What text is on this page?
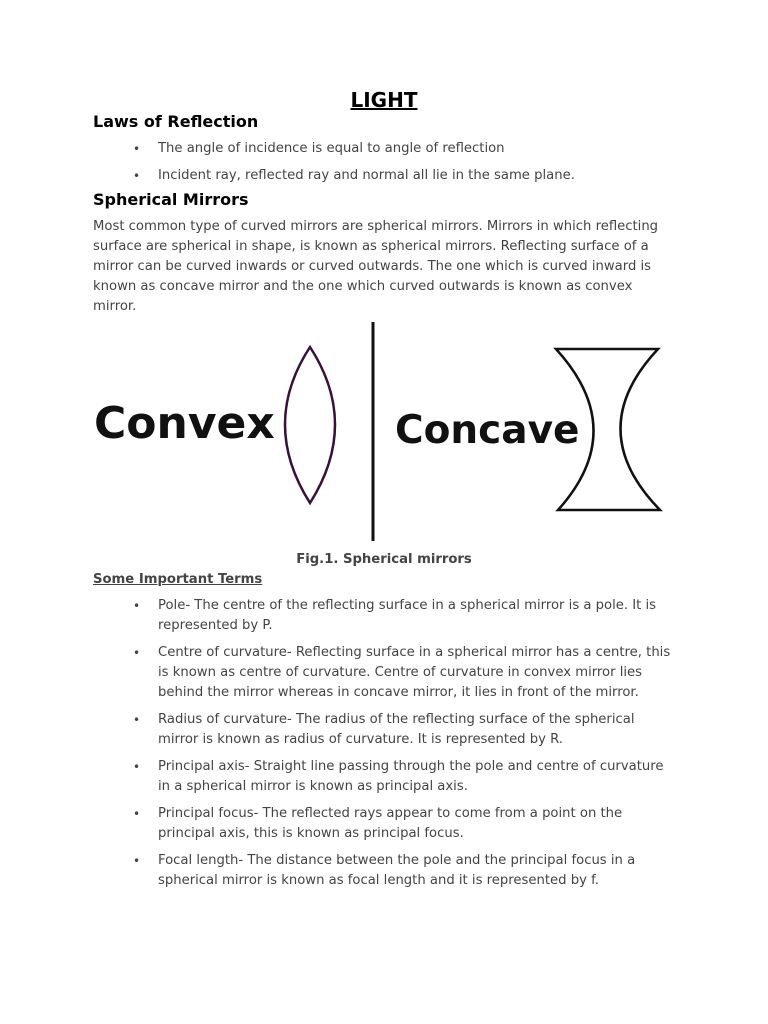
LIGHT
Laws of Reflection
• The angle of incidence is equal to angle of reflection
• Incident ray, reflected ray and normal all lie in the same plane.
Spherical Mirrors
Most common type of curved mirrors are spherical mirrors. Mirrors in which reflecting surface are spherical in shape, is known as spherical mirrors. Reflecting surface of a mirror can be curved inwards or curved outwards. The one which is curved inward is known as concave mirror and the one which curved outwards is known as convex mirror.
Convex	Concave
Fig.1. Spherical mirrors
Some Important Terms
• Pole- The centre of the reflecting surface in a spherical mirror is a pole. It is represented by P.
• Centre of curvature- Reflecting surface in a spherical mirror has a centre, this is known as centre of curvature. Centre of curvature in convex mirror lies behind the mirror whereas in concave mirror, it lies in front of the mirror.
• Radius of curvature- The radius of the reflecting surface of the spherical mirror is known as radius of curvature. It is represented by R.
• Principal axis- Straight line passing through the pole and centre of curvature in a spherical mirror is known as principal axis.
• Principal focus- The reflected rays appear to come from a point on the principal axis, this is known as principal focus.
• Focal length- The distance between the pole and the principal focus in a spherical mirror is known as focal length and it is represented by f.
